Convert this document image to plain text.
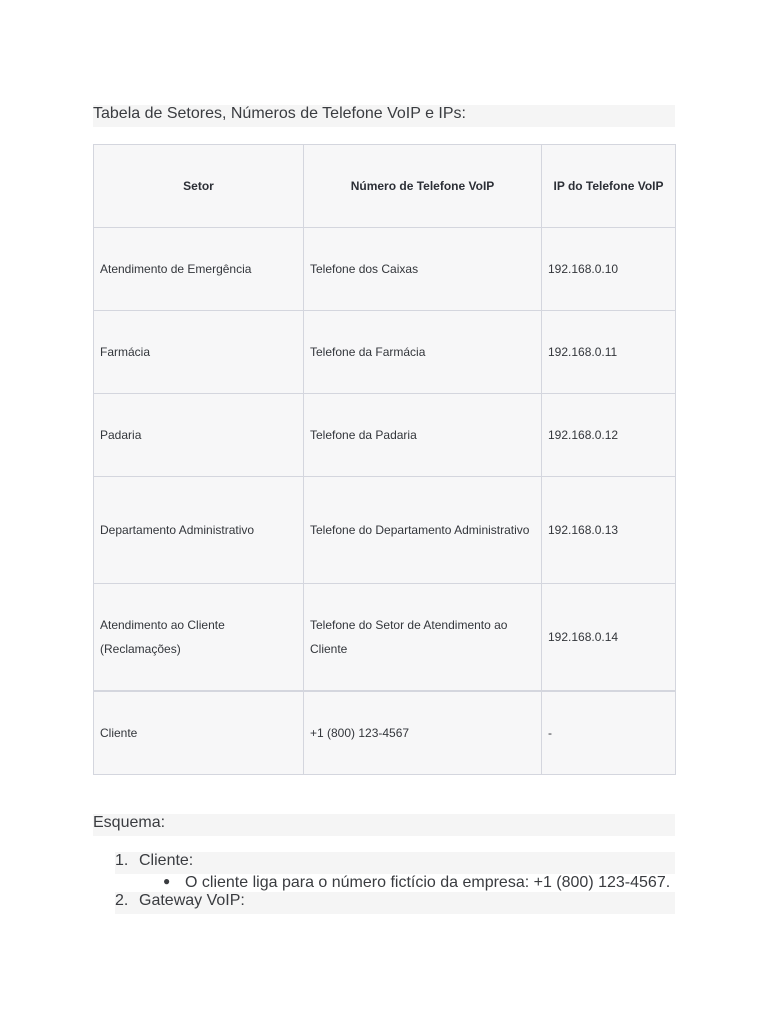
Tabela de Setores, Números de Telefone VoIP e IPs:
Setor	Número de Telefone VoIP	IP do Telefone VoIP
Atendimento de Emergência	Telefone dos Caixas	192.168.0.10
Farmácia	Telefone da Farmácia	192.168.0.11
Padaria	Telefone da Padaria	192.168.0.12
Departamento Administrativo	Telefone do Departamento Administrativo	192.168.0.13
Atendimento ao Cliente (Reclamações)	Telefone do Setor de Atendimento ao Cliente	192.168.0.14
Cliente	+1 (800) 123-4567	-
Esquema:
1. Cliente:
● O cliente liga para o número fictício da empresa: +1 (800) 123-4567.
2. Gateway VoIP:
